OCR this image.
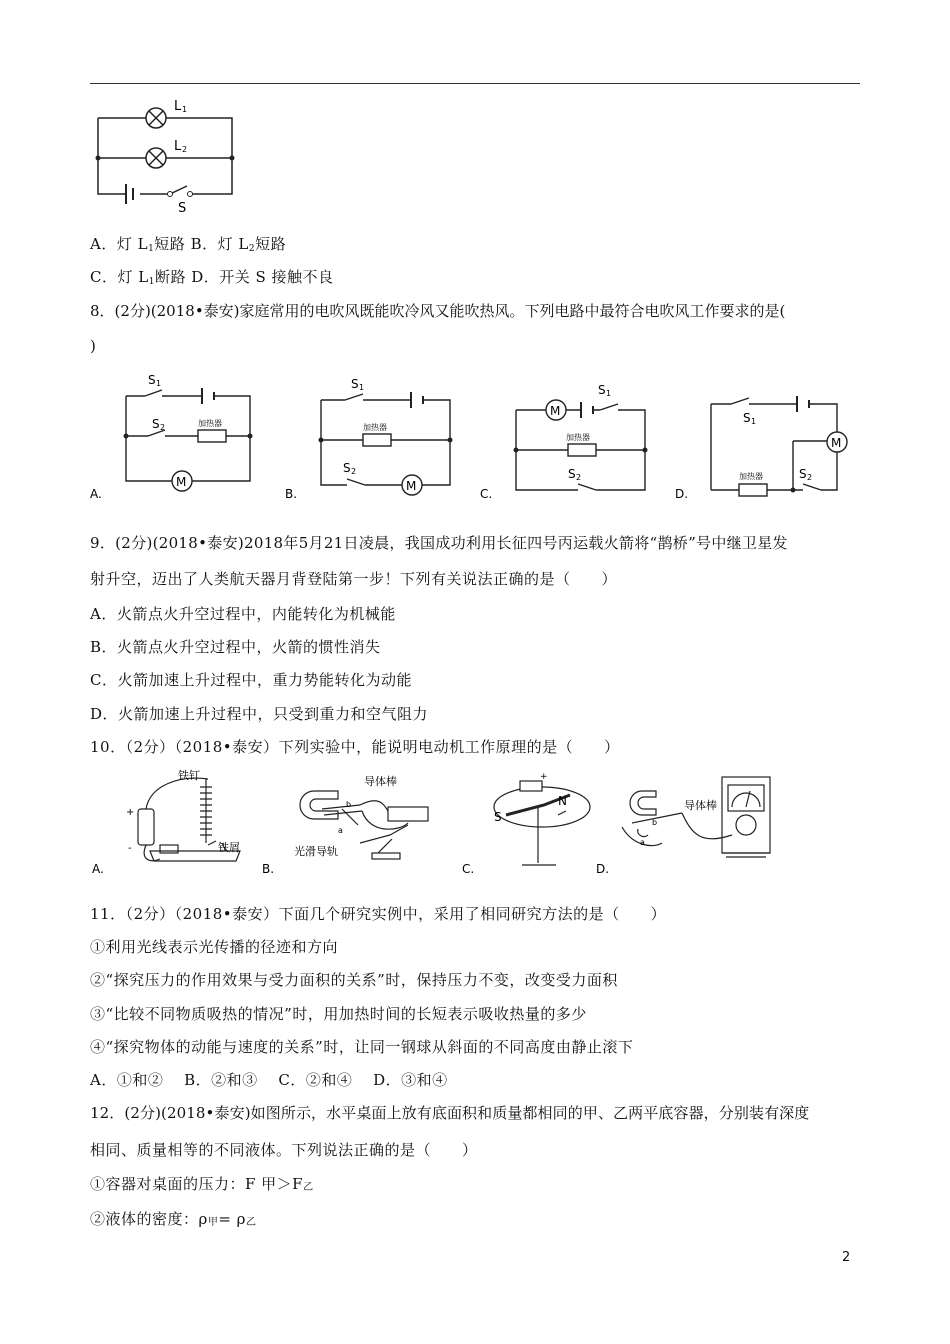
L 1
L 2
S
A．灯 $L_1$短路 B．灯 $L_2$短路
C．灯 $L_1$断路 D．开关 S 接触不良
8．(2分)(2018•泰安)家庭常用的电吹风既能吹冷风又能吹热风。下列电路中最符合电吹风工作要求的是(
)
S 1
S 2	加热器
M
A.
S 1
加热器
S 2
M
B.
M
S 1
加热器
S 2
C.
S 1
M
加热器	S 2
D.
9．(2分)(2018•泰安)2018年5月21日凌晨，我国成功利用长征四号丙运载火箭将“鹊桥”号中继卫星发
射升空，迈出了人类航天器月背登陆第一步！下列有关说法正确的是（　　）
A．火箭点火升空过程中，内能转化为机械能
B．火箭点火升空过程中，火箭的惯性消失
C．火箭加速上升过程中，重力势能转化为动能
D．火箭加速上升过程中，只受到重力和空气阻力
10．（2分）（2018•泰安）下列实验中，能说明电动机工作原理的是（　　）
铁钉
铁屑
+
-
A.
导体棒
光滑导轨
b
a
B.
+
S
N
C.
导体棒
b
a
D.
11．（2分）（2018•泰安）下面几个研究实例中，采用了相同研究方法的是（　　）
①利用光线表示光传播的径迹和方向
②“探究压力的作用效果与受力面积的关系”时，保持压力不变，改变受力面积
③“比较不同物质吸热的情况”时，用加热时间的长短表示吸收热量的多少
④“探究物体的动能与速度的关系”时，让同一钢球从斜面的不同高度由静止滚下
A．①和②　 B．②和③　 C．②和④　 D．③和④
12．(2分)(2018•泰安)如图所示，水平桌面上放有底面积和质量都相同的甲、乙两平底容器，分别装有深度
相同、质量相等的不同液体。下列说法正确的是（　　）
①容器对桌面的压力：F 甲＞F乙
②液体的密度：ρ甲= ρ乙
2
